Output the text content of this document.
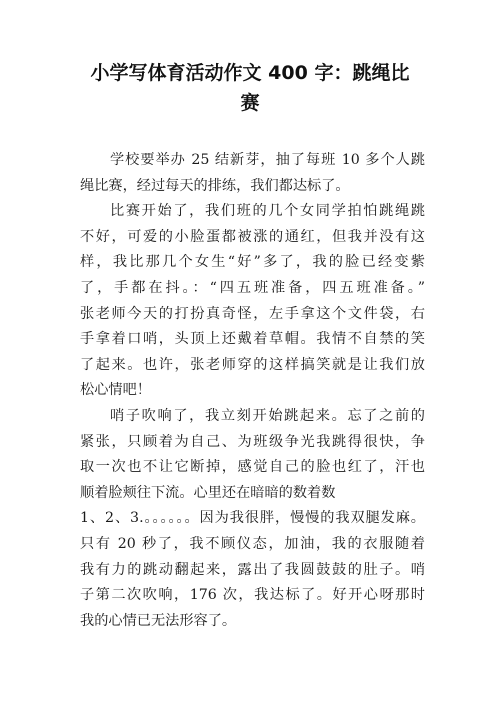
小学写体育活动作文 400 字：跳绳比
赛
学校要举办 25 结新芽，抽了每班 10 多个人跳
绳比赛，经过每天的排练，我们都达标了。
比赛开始了，我们班的几个女同学拍怕跳绳跳
不好，可爱的小脸蛋都被涨的通红，但我并没有这
样，我比那几个女生“好”多了，我的脸已经变紫
了，手都在抖。：“四五班准备，四五班准备。”
张老师今天的打扮真奇怪，左手拿这个文件袋，右
手拿着口哨，头顶上还戴着草帽。我情不自禁的笑
了起来。也许，张老师穿的这样搞笑就是让我们放
松心情吧！
哨子吹响了，我立刻开始跳起来。忘了之前的
紧张，只顾着为自己、为班级争光我跳得很快，争
取一次也不让它断掉，感觉自己的脸也红了，汗也
顺着脸颊往下流。心里还在暗暗的数着数
1、2、3.。。。。。。因为我很胖，慢慢的我双腿发麻。
只有 20 秒了，我不顾仪态，加油，我的衣服随着
我有力的跳动翻起来，露出了我圆鼓鼓的肚子。哨
子第二次吹响，176 次，我达标了。好开心呀那时
我的心情已无法形容了。
